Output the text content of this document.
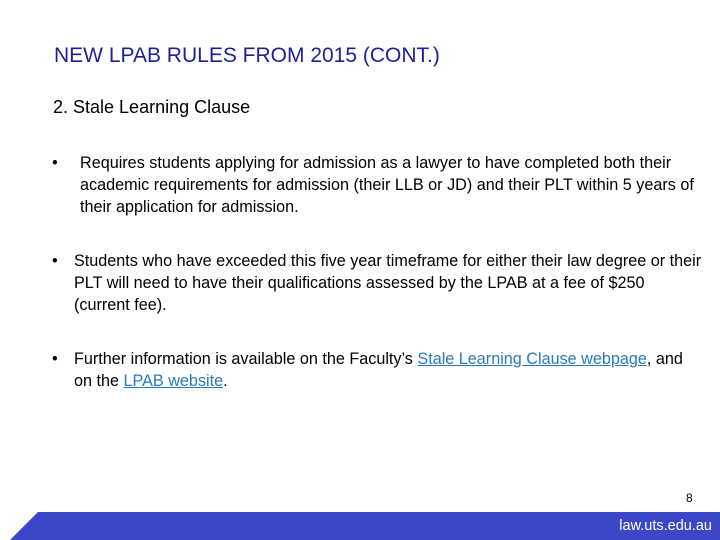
NEW LPAB RULES FROM 2015 (CONT.)
2. Stale Learning Clause
• Requires students applying for admission as a lawyer to have completed both their academic requirements for admission (their LLB or JD) and their PLT within 5 years of their application for admission.
• Students who have exceeded this five year timeframe for either their law degree or their PLT will need to have their qualifications assessed by the LPAB at a fee of $250 (current fee).
• Further information is available on the Faculty’s Stale Learning Clause webpage, and on the LPAB website.
8
law.uts.edu.au
